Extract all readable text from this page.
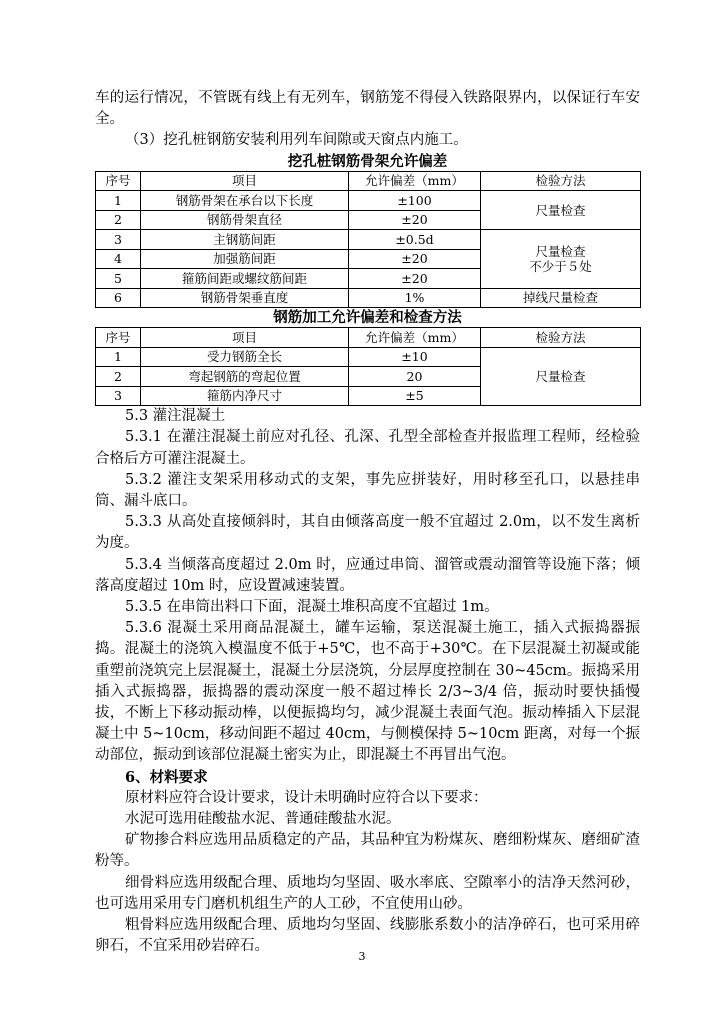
车的运行情况，不管既有线上有无列车，钢筋笼不得侵入铁路限界内，以保证行车安全。

（3）挖孔桩钢筋安装利用列车间隙或天窗点内施工。

挖孔桩钢筋骨架允许偏差

序号	项目	允许偏差（mm）	检验方法
1	钢筋骨架在承台以下长度	±100	尺量检查
2	钢筋骨架直径	±20	
3	主钢筋间距	±0.5d	尺量检查
不少于５处

4	加强筋间距	±20	
5	箍筋间距或螺纹筋间距	±20	
6	钢筋骨架垂直度	1%	掉线尺量检查

钢筋加工允许偏差和检查方法

序号	项目	允许偏差（mm）	检验方法
1	受力钢筋全长	±10	尺量检查
2	弯起钢筋的弯起位置	20	
3	箍筋内净尺寸	±5	

5.3 灌注混凝土

5.3.1 在灌注混凝土前应对孔径、孔深、孔型全部检查并报监理工程师，经检验合格后方可灌注混凝土。

5.3.2 灌注支架采用移动式的支架，事先应拼装好，用时移至孔口，以悬挂串筒、漏斗底口。

5.3.3 从高处直接倾斜时，其自由倾落高度一般不宜超过 2.0m，以不发生离析为度。

5.3.4 当倾落高度超过 2.0m 时，应通过串筒、溜管或震动溜管等设施下落；倾落高度超过 10m 时，应设置减速装置。

5.3.5 在串筒出料口下面，混凝土堆积高度不宜超过 1m。

5.3.6 混凝土采用商品混凝土，罐车运输，泵送混凝土施工，插入式振捣器振捣。混凝土的浇筑入模温度不低于+5℃，也不高于+30℃。在下层混凝土初凝或能重塑前浇筑完上层混凝土，混凝土分层浇筑，分层厚度控制在 30~45cm。振捣采用插入式振捣器，振捣器的震动深度一般不超过棒长 2/3~3/4 倍，振动时要快插慢拔，不断上下移动振动棒，以便振捣均匀，减少混凝土表面气泡。振动棒插入下层混凝土中 5~10cm，移动间距不超过 40cm，与侧模保持 5~10cm 距离，对每一个振动部位，振动到该部位混凝土密实为止，即混凝土不再冒出气泡。

6、材料要求

原材料应符合设计要求，设计未明确时应符合以下要求：

水泥可选用硅酸盐水泥、普通硅酸盐水泥。

矿物掺合料应选用品质稳定的产品，其品种宜为粉煤灰、磨细粉煤灰、磨细矿渣粉等。

细骨料应选用级配合理、质地均匀坚固、吸水率底、空隙率小的洁净天然河砂，也可选用采用专门磨机机组生产的人工砂，不宜使用山砂。

粗骨料应选用级配合理、质地均匀坚固、线膨胀系数小的洁净碎石，也可采用碎卵石，不宜采用砂岩碎石。

3
